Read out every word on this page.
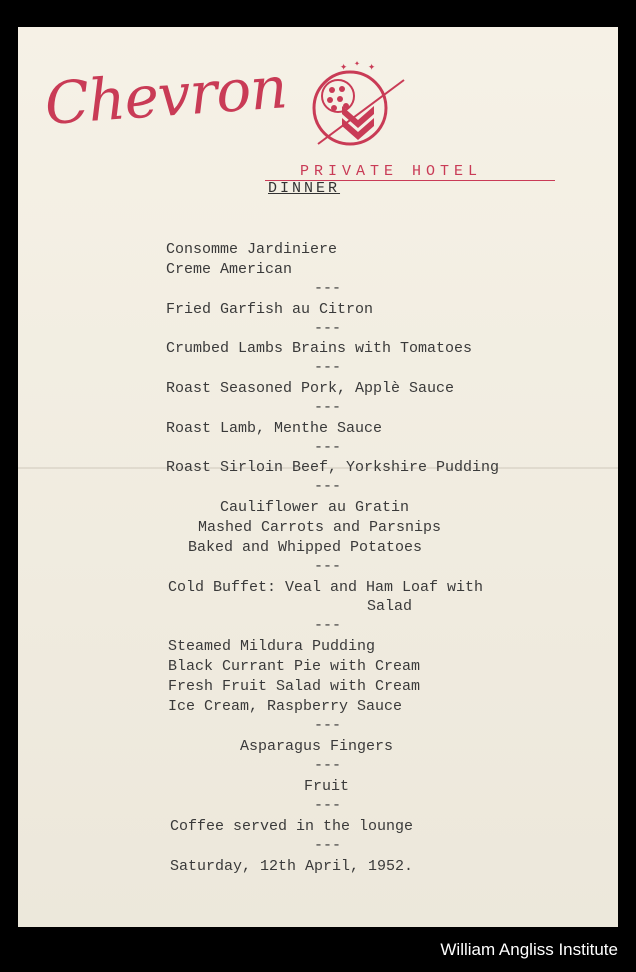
Chevron	✦ ✦ ✦
PRIVATE HOTEL
DINNER
Consomme Jardiniere
Creme American
---
Fried Garfish au Citron
---
Crumbed Lambs Brains with Tomatoes
---
Roast Seasoned Pork, Applè Sauce
---
Roast Lamb, Menthe Sauce
---
Roast Sirloin Beef, Yorkshire Pudding
---
Cauliflower au Gratin
Mashed Carrots and Parsnips
Baked and Whipped Potatoes
---
Cold Buffet: Veal and Ham Loaf with
Salad
---
Steamed Mildura Pudding
Black Currant Pie with Cream
Fresh Fruit Salad with Cream
Ice Cream, Raspberry Sauce
---
Asparagus Fingers
---
Fruit
---
Coffee served in the lounge
---
Saturday, 12th April, 1952.
William Angliss Institute
